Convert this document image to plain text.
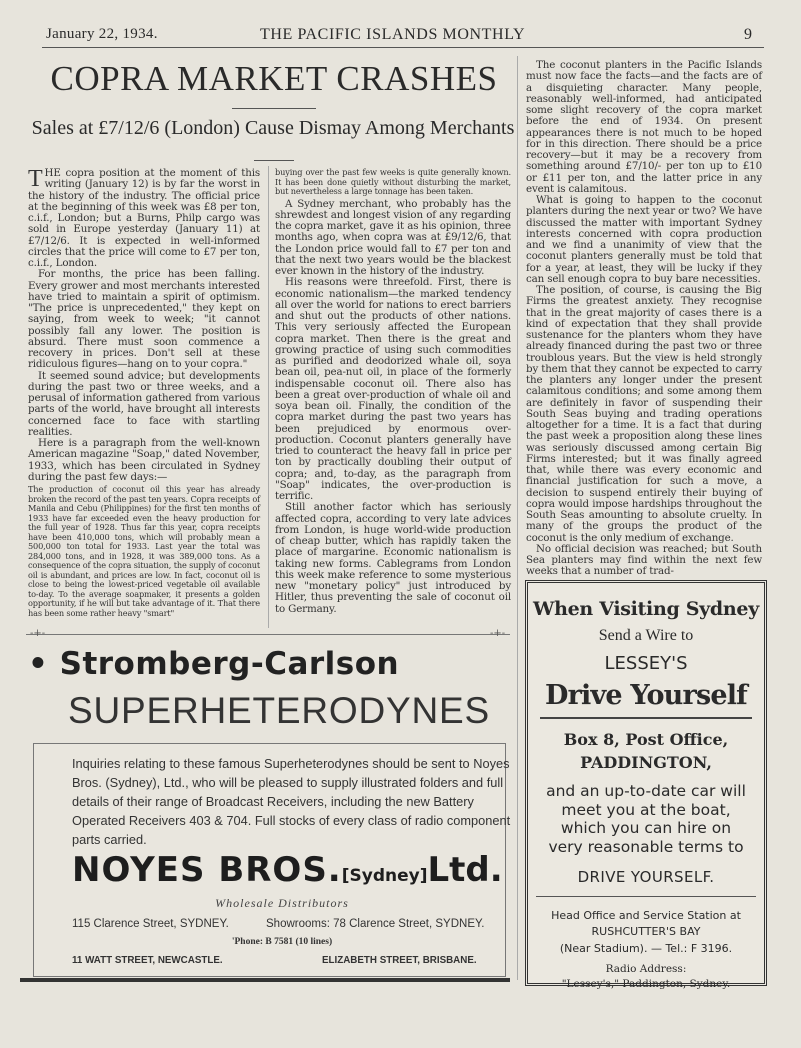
January 22, 1934.	THE PACIFIC ISLANDS MONTHLY	9
COPRA MARKET CRASHES
Sales at £7/12/6 (London) Cause Dismay Among Merchants

THE copra position at the moment of this writing (January 12) is by far the worst in the history of the industry. The official price at the beginning of this week was £8 per ton, c.i.f., London; but a Burns, Philp cargo was sold in Europe yesterday (January 11) at £7/12/6. It is expected in well-informed circles that the price will come to £7 per ton, c.i.f., London.

For months, the price has been falling. Every grower and most merchants interested have tried to maintain a spirit of optimism. "The price is unprecedented," they kept on saying, from week to week; "it cannot possibly fall any lower. The position is absurd. There must soon commence a recovery in prices. Don't sell at these ridiculous figures—hang on to your copra."

It seemed sound advice; but developments during the past two or three weeks, and a perusal of information gathered from various parts of the world, have brought all interests concerned face to face with startling realities.

Here is a paragraph from the well-known American magazine "Soap," dated November, 1933, which has been circulated in Sydney during the past few days:—

The production of coconut oil this year has already broken the record of the past ten years. Copra receipts of Manila and Cebu (Philippines) for the first ten months of 1933 have far exceeded even the heavy production for the full year of 1928. Thus far this year, copra receipts have been 410,000 tons, which will probably mean a 500,000 ton total for 1933. Last year the total was 284,000 tons, and in 1928, it was 389,000 tons. As a consequence of the copra situation, the supply of coconut oil is abundant, and prices are low. In fact, coconut oil is close to being the lowest-priced vegetable oil available to-day. To the average soapmaker, it presents a golden opportunity, if he will but take advantage of it. That there has been some rather heavy "smart"

buying over the past few weeks is quite generally known. It has been done quietly without disturbing the market, but nevertheless a large tonnage has been taken.

A Sydney merchant, who probably has the shrewdest and longest vision of any regarding the copra market, gave it as his opinion, three months ago, when copra was at £9/12/6, that the London price would fall to £7 per ton and that the next two years would be the blackest ever known in the history of the industry.

His reasons were threefold. First, there is economic nationalism—the marked tendency all over the world for nations to erect barriers and shut out the products of other nations. This very seriously affected the European copra market. Then there is the great and growing practice of using such commodities as purified and deodorized whale oil, soya bean oil, pea-nut oil, in place of the formerly indispensable coconut oil. There also has been a great over-production of whale oil and soya bean oil. Finally, the condition of the copra market during the past two years has been prejudiced by enormous over-production. Coconut planters generally have tried to counteract the heavy fall in price per ton by practically doubling their output of copra; and, to-day, as the paragraph from "Soap" indicates, the over-production is terrific.

Still another factor which has seriously affected copra, according to very late advices from London, is huge world-wide production of cheap butter, which has rapidly taken the place of margarine. Economic nationalism is taking new forms. Cablegrams from London this week make reference to some mysterious new "monetary policy" just introduced by Hitler, thus preventing the sale of coconut oil to Germany.

The coconut planters in the Pacific Islands must now face the facts—and the facts are of a disquieting character. Many people, reasonably well-informed, had anticipated some slight recovery of the copra market before the end of 1934. On present appearances there is not much to be hoped for in this direction. There should be a price recovery—but it may be a recovery from something around £7/10/- per ton up to £10 or £11 per ton, and the latter price in any event is calamitous.

What is going to happen to the coconut planters during the next year or two? We have discussed the matter with important Sydney interests concerned with copra production and we find a unanimity of view that the coconut planters generally must be told that for a year, at least, they will be lucky if they can sell enough copra to buy bare necessities.

The position, of course, is causing the Big Firms the greatest anxiety. They recognise that in the great majority of cases there is a kind of expectation that they shall provide sustenance for the planters whom they have already financed during the past two or three troublous years. But the view is held strongly by them that they cannot be expected to carry the planters any longer under the present calamitous conditions; and some among them are definitely in favor of suspending their South Seas buying and trading operations altogether for a time. It is a fact that during the past week a proposition along these lines was seriously discussed among certain Big Firms interested; but it was finally agreed that, while there was every economic and financial justification for such a move, a decision to suspend entirely their buying of copra would impose hardships throughout the South Seas amounting to absolute cruelty. In many of the groups the product of the coconut is the only medium of exchange.

No official decision was reached; but South Sea planters may find within the next few weeks that a number of trad-

-+-	-+-
• Stromberg-Carlson
SUPERHETERODYNES
Inquiries relating to these famous Superheterodynes should be sent to Noyes Bros. (Sydney), Ltd., who will be pleased to supply illustrated folders and full details of their range of Broadcast Receivers, including the new Battery Operated Receivers 403 & 704. Full stocks of every class of radio component parts carried.
NOYES BROS.[Sydney]Ltd.
Wholesale Distributors
115 Clarence Street, SYDNEY.	Showrooms: 78 Clarence Street, SYDNEY.
'Phone: B 7581 (10 lines)
11 WATT STREET, NEWCASTLE.	ELIZABETH STREET, BRISBANE.
When Visiting Sydney
Send a Wire to
LESSEY'S
Drive Yourself
Box 8, Post Office,
PADDINGTON,
and an up-to-date car will meet you at the boat, which you can hire on very reasonable terms to
DRIVE YOURSELF.
Head Office and Service Station at
RUSHCUTTER'S BAY
(Near Stadium). — Tel.: F 3196.
Radio Address:
"Lessey's," Paddington, Sydney.
